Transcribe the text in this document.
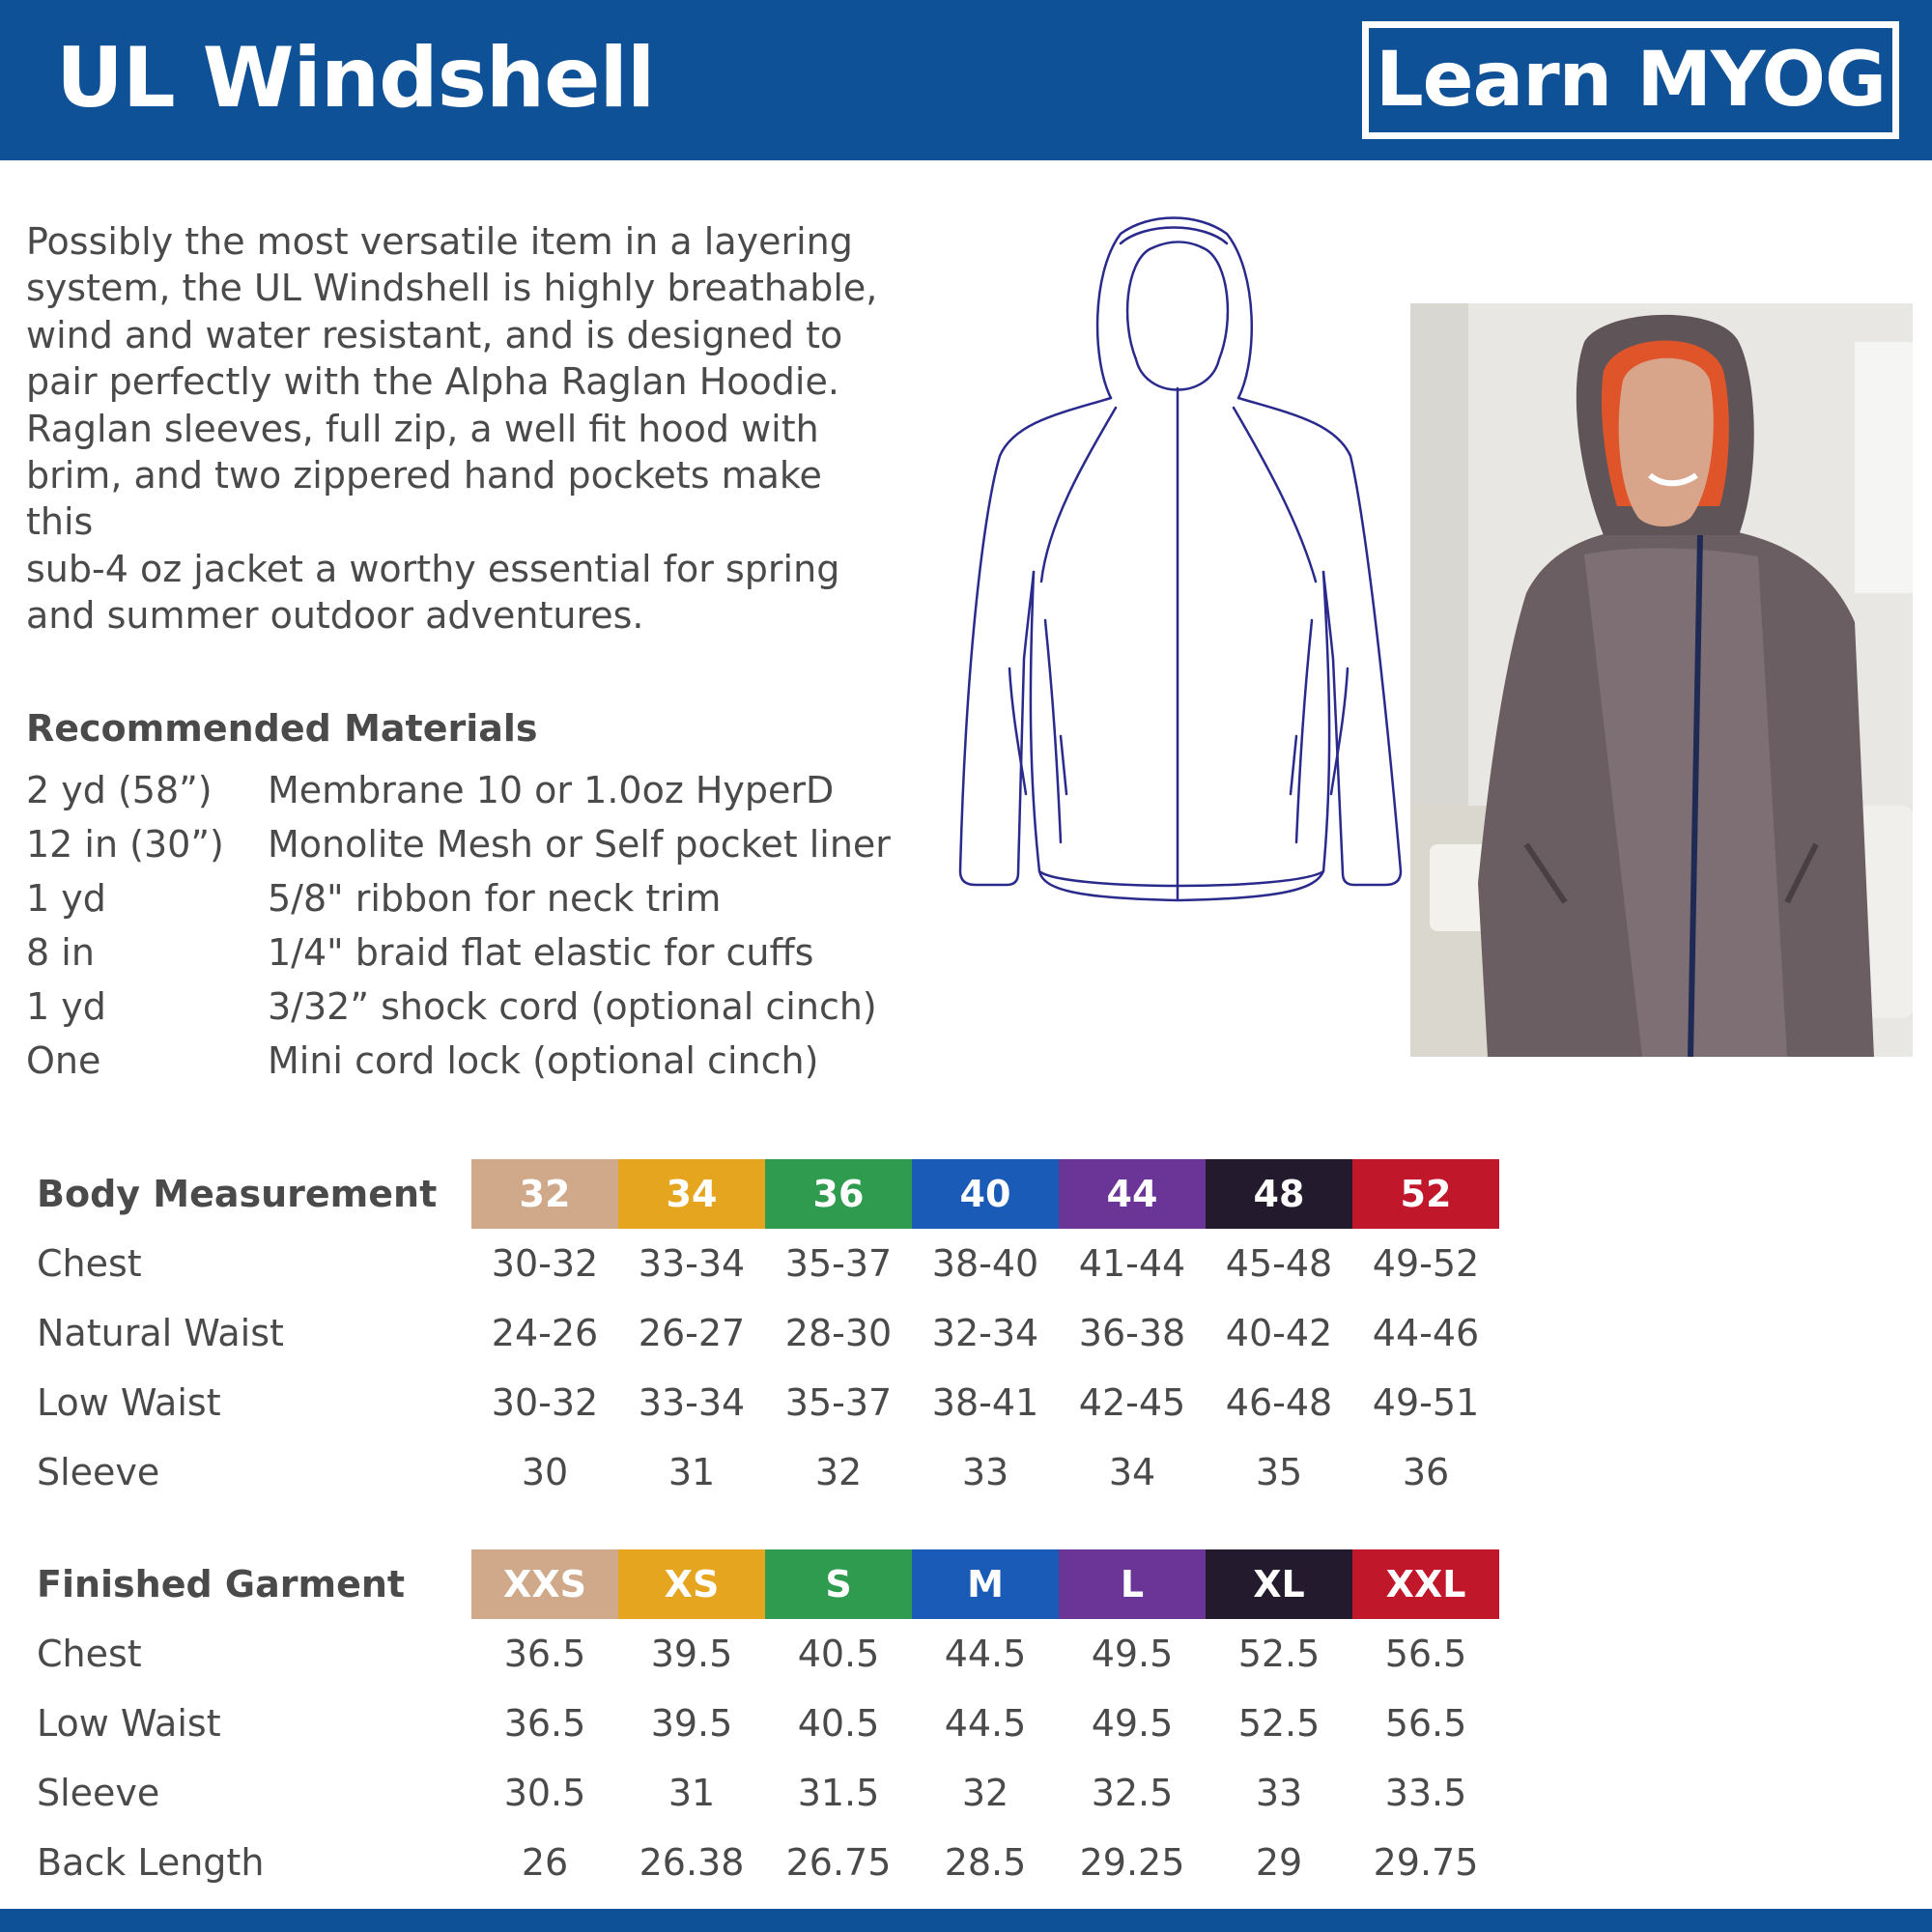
UL Windshell	Learn MYOG

Possibly the most versatile item in a layering
system, the UL Windshell is highly breathable,
wind and water resistant, and is designed to
pair perfectly with the Alpha Raglan Hoodie.
Raglan sleeves, full zip, a well fit hood with
brim, and two zippered hand pockets make this
sub-4 oz jacket a worthy essential for spring
and summer outdoor adventures.

Recommended Materials
2 yd (58”) Membrane 10 or 1.0oz HyperD
12 in (30”) Monolite Mesh or Self pocket liner
1 yd	5/8" ribbon for neck trim
8 in	1/4" braid flat elastic for cuffs
1 yd	3/32” shock cord (optional cinch)
One	Mini cord lock (optional cinch)
Body Measurement	32	34	36	40	44	48	52
Chest	30-32	33-34	35-37	38-40	41-44	45-48	49-52
Natural Waist	24-26	26-27	28-30	32-34	36-38	40-42	44-46
Low Waist	30-32	33-34	35-37	38-41	42-45	46-48	49-51
Sleeve	30	31	32	33	34	35	36
Finished Garment	XXS	XS	S	M	L	XL	XXL
Chest	36.5	39.5	40.5	44.5	49.5	52.5	56.5
Low Waist	36.5	39.5	40.5	44.5	49.5	52.5	56.5
Sleeve	30.5	31	31.5	32	32.5	33	33.5
Back Length	26	26.38	26.75	28.5	29.25	29	29.75
